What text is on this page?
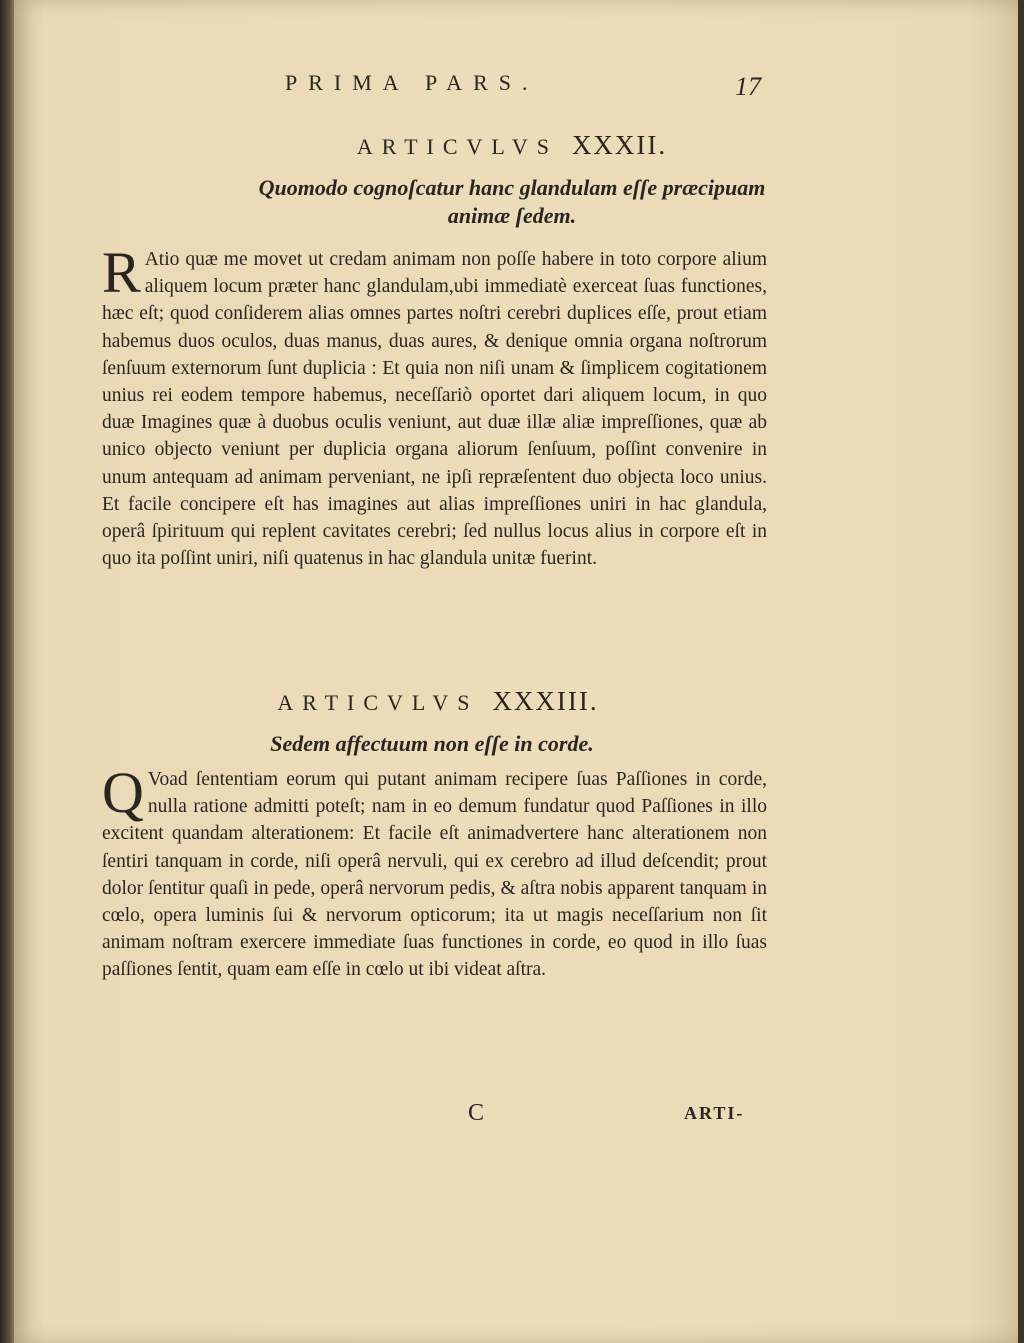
PRIMA PARS.	17
ARTICVLVS XXXII.
Quomodo cognoſcatur hanc glandulam eſſe præcipuam
animæ ſedem.

R Atio quæ me movet ut credam animam non poſſe habere in toto corpore alium aliquem locum præter hanc glandulam,ubi immediatè exerceat ſuas functiones, hæc eſt; quod conſiderem alias omnes partes noſtri cerebri duplices eſſe, prout etiam habemus duos oculos, duas manus, duas aures, & denique omnia organa noſtrorum ſenſuum externorum ſunt duplicia : Et quia non niſi unam & ſimplicem cogitationem unius rei eodem tempore habemus, neceſſariò oportet dari aliquem locum, in quo duæ Imagines quæ à duobus oculis veniunt, aut duæ illæ aliæ impreſſiones, quæ ab unico objecto veniunt per duplicia organa aliorum ſenſuum, poſſint convenire in unum antequam ad animam perveniant, ne ipſi repræſentent duo objecta loco unius. Et facile concipere eſt has imagines aut alias impreſſiones uniri in hac glandula, operâ ſpirituum qui replent cavitates cerebri; ſed nullus locus alius in corpore eſt in quo ita poſſint uniri, niſi quatenus in hac glandula unitæ fuerint.

ARTICVLVS XXXIII.
Sedem affectuum non eſſe in corde.

Q Voad ſententiam eorum qui putant animam recipere ſuas Paſſiones in corde, nulla ratione admitti poteſt; nam in eo demum fundatur quod Paſſiones in illo excitent quandam alterationem: Et facile eſt animadvertere hanc alterationem non ſentiri tanquam in corde, niſi operâ nervuli, qui ex cerebro ad illud deſcendit; prout dolor ſentitur quaſi in pede, operâ nervorum pedis, & aſtra nobis apparent tanquam in cœlo, opera luminis ſui & nervorum opticorum; ita ut magis neceſſarium non ſit animam noſtram exercere immediate ſuas functiones in corde, eo quod in illo ſuas paſſiones ſentit, quam eam eſſe in cœlo ut ibi videat aſtra.

C	ARTI-
